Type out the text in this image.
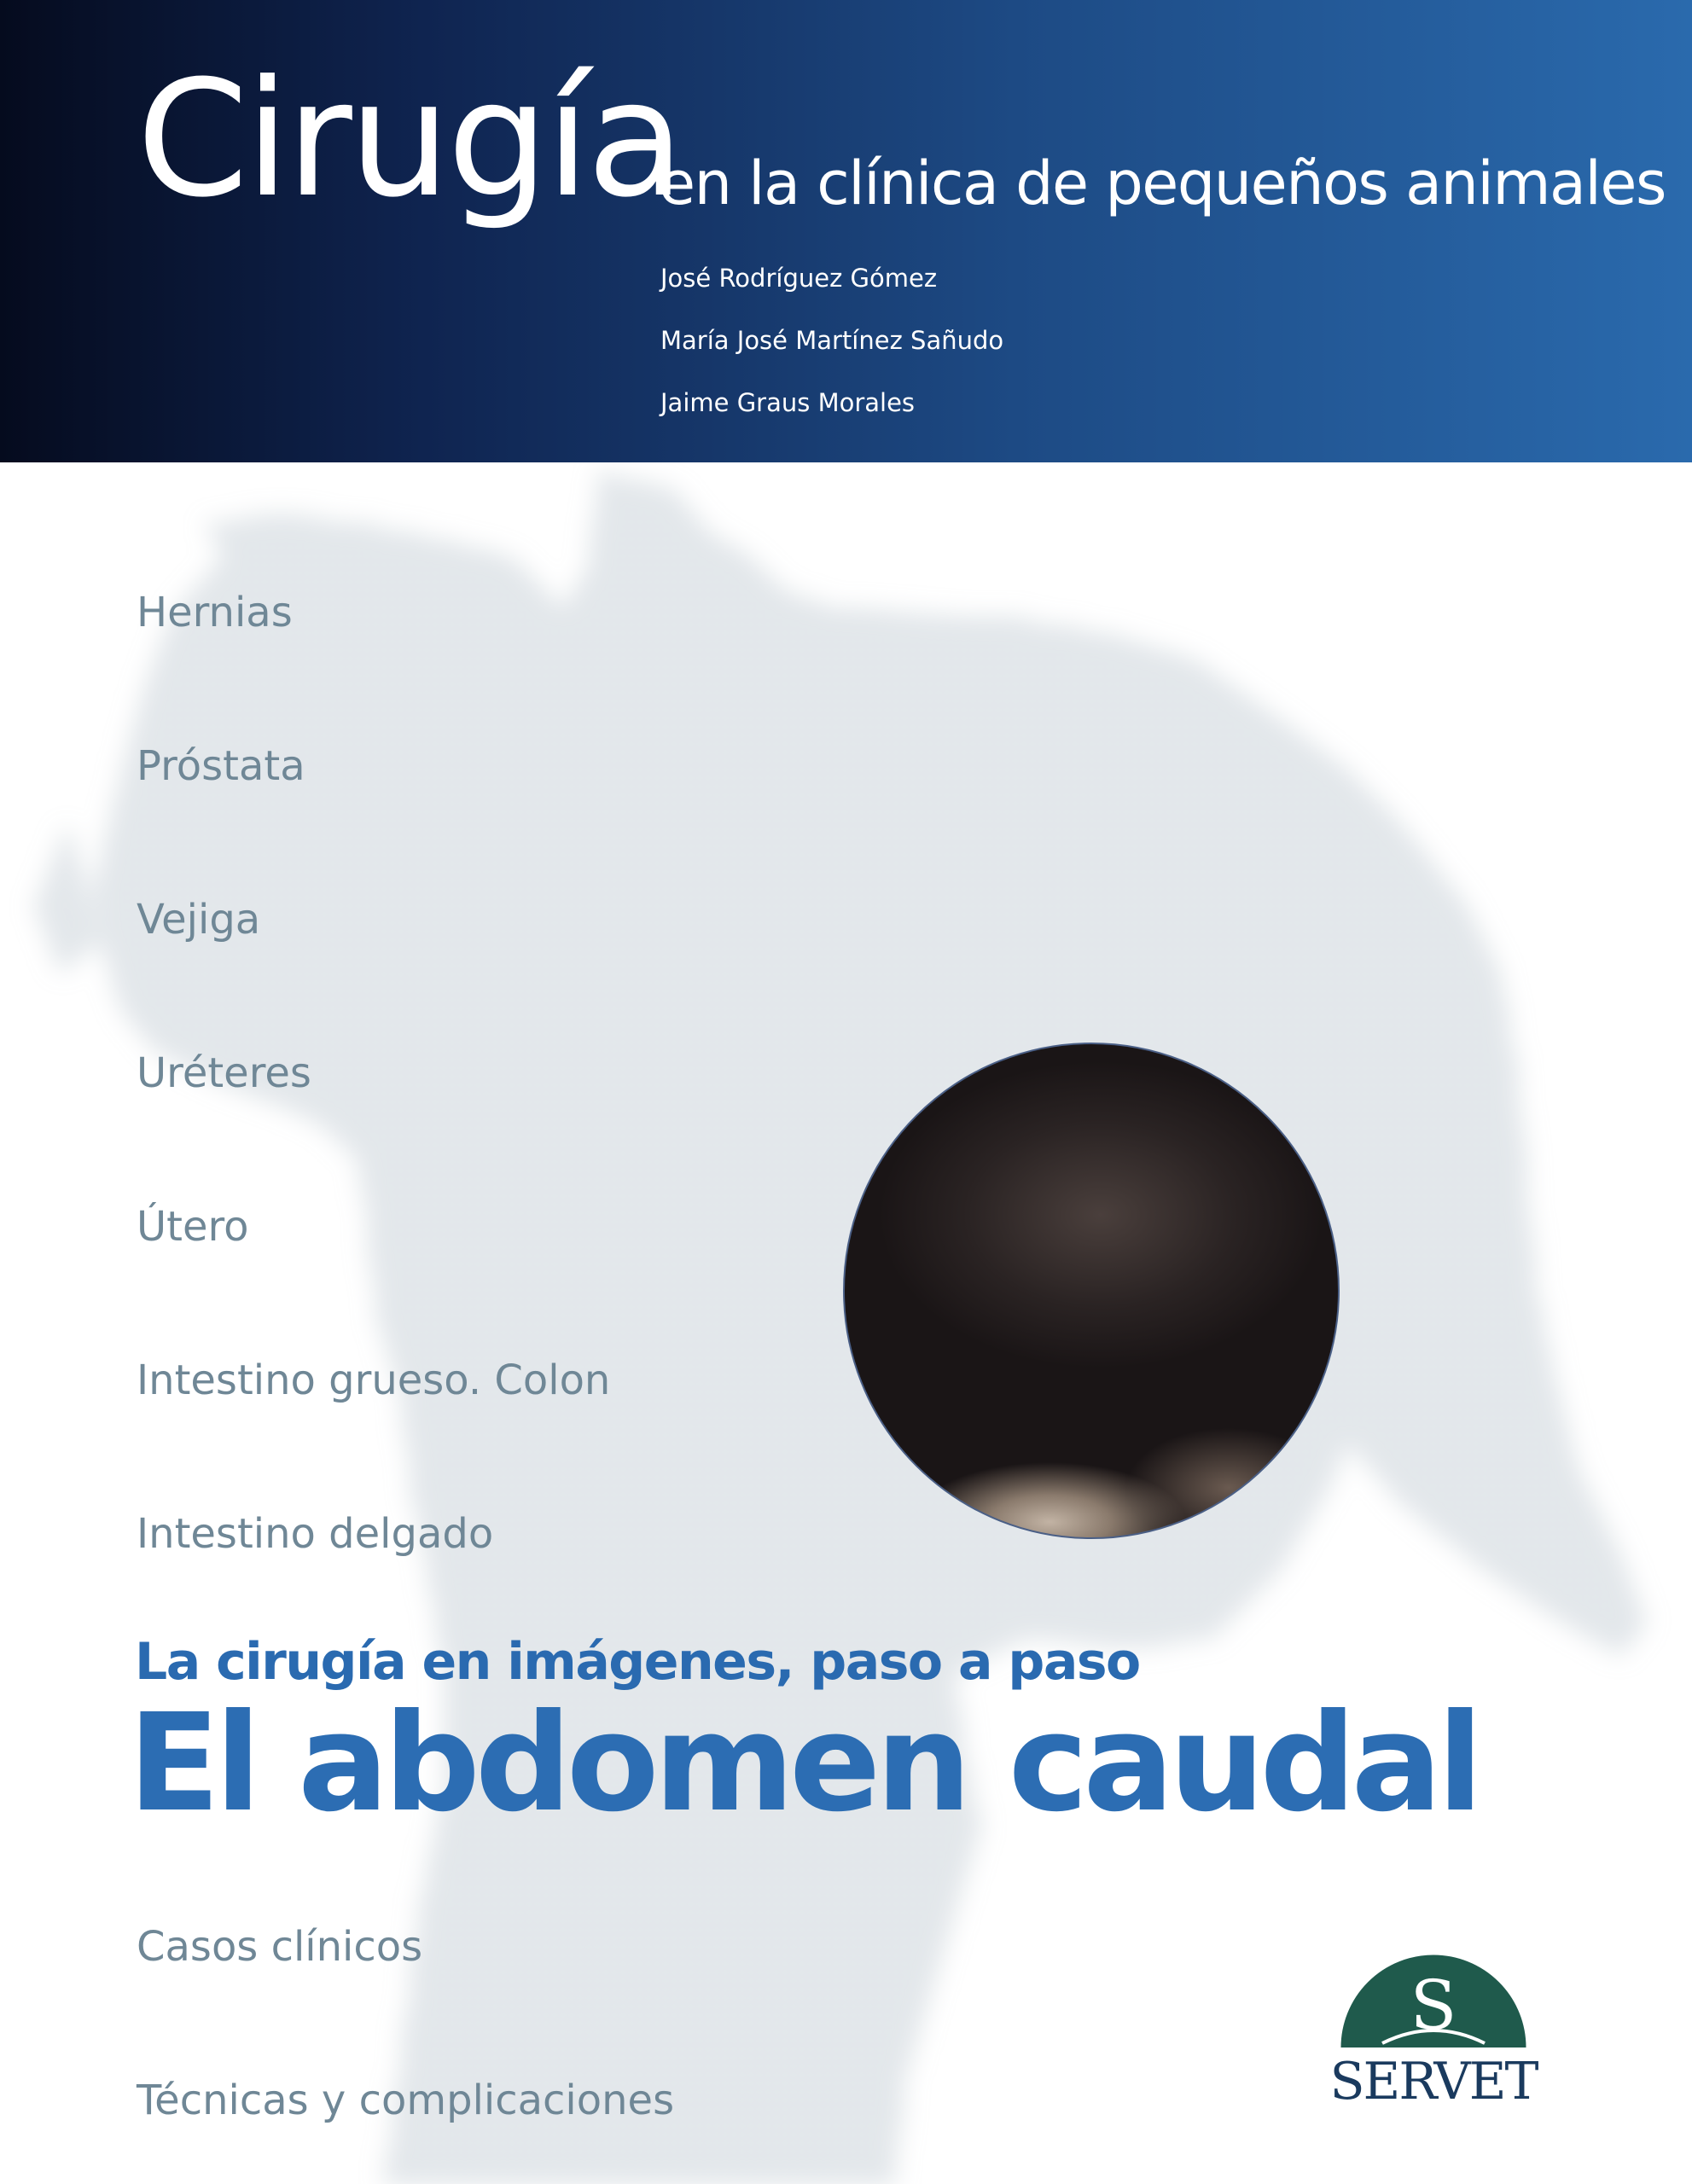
Cirugía
en la clínica de pequeños animales
José Rodríguez Gómez
María José Martínez Sañudo
Jaime Graus Morales
Hernias
Próstata
Vejiga
Uréteres
Útero
Intestino grueso. Colon
Intestino delgado
La cirugía en imágenes, paso a paso
El abdomen caudal
Casos clínicos
Técnicas y complicaciones
S
SERVET
